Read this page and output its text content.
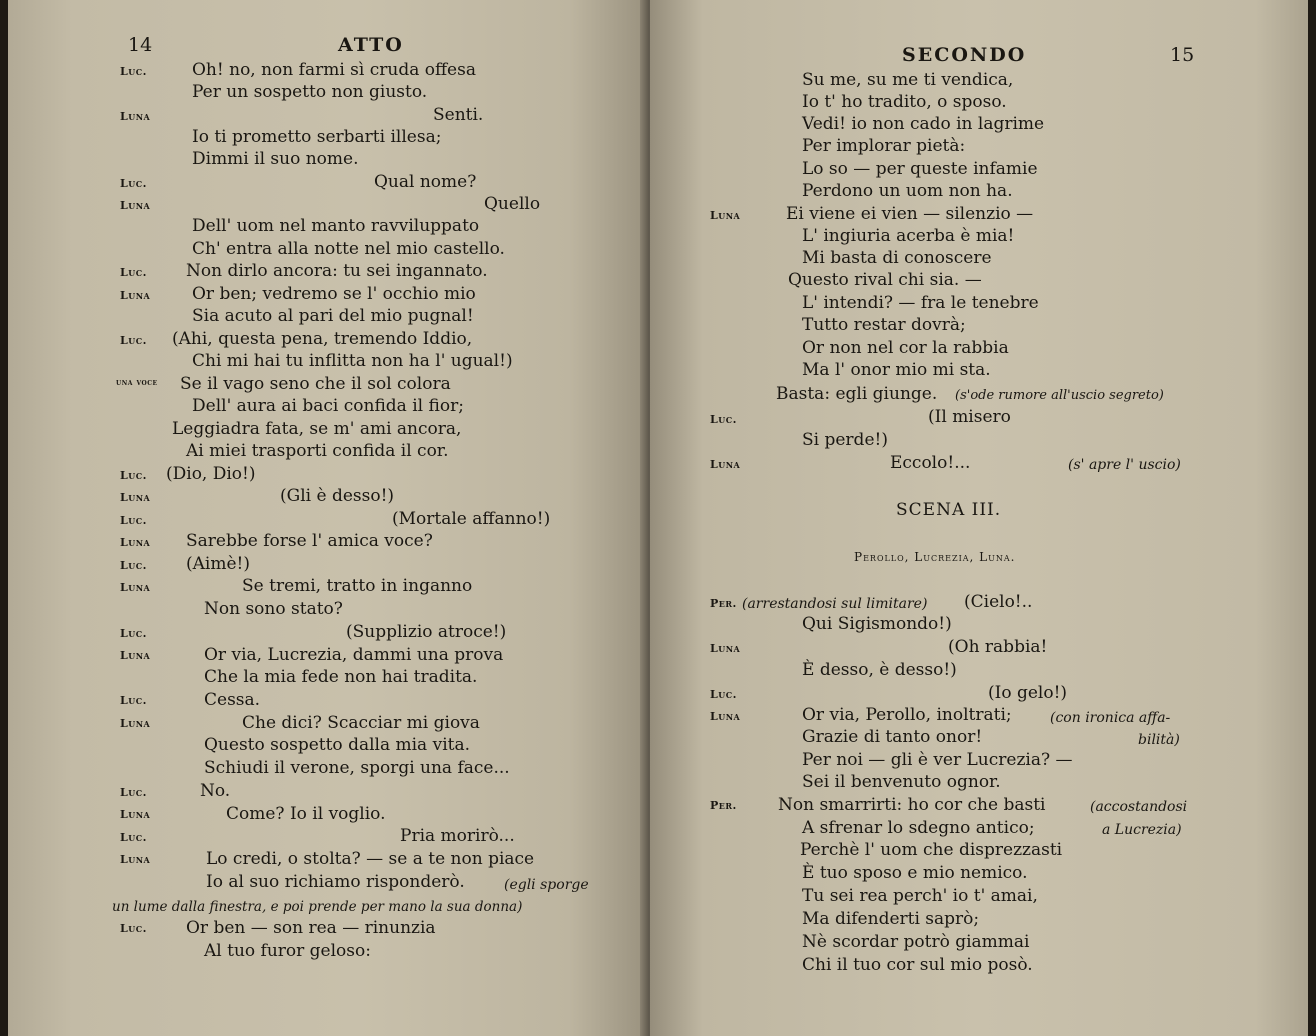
14	ATTO
Luc.	Oh! no, non farmi sì cruda offesa
Per un sospetto non giusto.
Luna	Senti.
Io ti prometto serbarti illesa;
Dimmi il suo nome.
Luc.	Qual nome?
Luna	Quello
Dell' uom nel manto ravviluppato
Ch' entra alla notte nel mio castello.
Luc. Non dirlo ancora: tu sei ingannato.
Luna Or ben; vedremo se l' occhio mio
Sia acuto al pari del mio pugnal!
Luc. (Ahi, questa pena, tremendo Iddio,
Chi mi hai tu inflitta non ha l' ugual!)
una voce Se il vago seno che il sol colora
Dell' aura ai baci confida il fior;
Leggiadra fata, se m' ami ancora,
Ai miei trasporti confida il cor.
Luc. (Dio, Dio!)
Luna	(Gli è desso!)
Luc.	(Mortale affanno!)
Luna Sarebbe forse l' amica voce?
Luc. (Aimè!)
Luna	Se tremi, tratto in inganno
Non sono stato?
Luc.	(Supplizio atroce!)
Luna	Or via, Lucrezia, dammi una prova
Che la mia fede non hai tradita.
Luc.	Cessa.
Luna	Che dici? Scacciar mi giova
Questo sospetto dalla mia vita.
Schiudi il verone, sporgi una face...
Luc.	No.
Luna	Come? Io il voglio.
Luc.	Pria morirò...
Luna	Lo credi, o stolta? — se a te non piace
Io al suo richiamo risponderò.	(egli sporge
un lume dalla finestra, e poi prende per mano la sua donna)
Luc. Or ben — son rea — rinunzia
Al tuo furor geloso:
SECONDO	15
Su me, su me ti vendica,
Io t' ho tradito, o sposo.
Vedi! io non cado in lagrime
Per implorar pietà:
Lo so — per queste infamie
Perdono un uom non ha.
Luna	Ei viene ei vien — silenzio —
L' ingiuria acerba è mia!
Mi basta di conoscere
Questo rival chi sia. —
L' intendi? — fra le tenebre
Tutto restar dovrà;
Or non nel cor la rabbia
Ma l' onor mio mi sta.
Basta: egli giunge. (s'ode rumore all'uscio segreto)
Luc.	(Il misero
Si perde!)
Luna	Eccolo!...	(s' apre l' uscio)
SCENA III.
Perollo, Lucrezia, Luna.
Per. (arrestandosi sul limitare) (Cielo!..
Qui Sigismondo!)
Luna	(Oh rabbia!
È desso, è desso!)
Luc.	(Io gelo!)
Luna	Or via, Perollo, inoltrati;	(con ironica affa-
Grazie di tanto onor!	bilità)
Per noi — gli è ver Lucrezia? —
Sei il benvenuto ognor.
Per. Non smarrirti: ho cor che basti	(accostandosi
A sfrenar lo sdegno antico;	a Lucrezia)
Perchè l' uom che disprezzasti
È tuo sposo e mio nemico.
Tu sei rea perch' io t' amai,
Ma difenderti saprò;
Nè scordar potrò giammai
Chi il tuo cor sul mio posò.
